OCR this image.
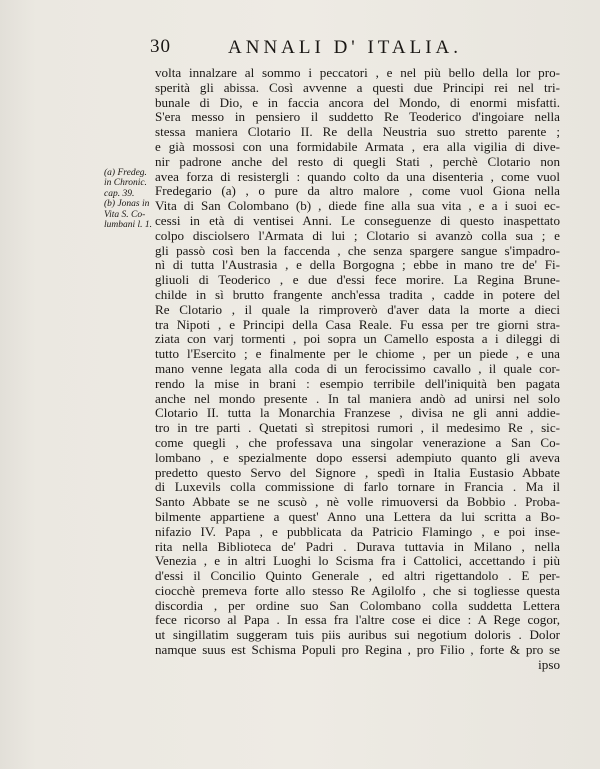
30	ANNALI D' ITALIA.
(a) Fredeg.
in Chronic.
cap. 39.
(b) Jonas in
Vita S. Co-
lumbani l. 1.
volta innalzare al sommo i peccatori , e nel più bello della lor pro-
sperità gli abissa. Così avvenne a questi due Principi rei nel tri-
bunale di Dio, e in faccia ancora del Mondo, di enormi misfatti.
S'era messo in pensiero il suddetto Re Teoderico d'ingoiare nella
stessa maniera Clotario II. Re della Neustria suo stretto parente ;
e già mossosi con una formidabile Armata , era alla vigilia di dive-
nir padrone anche del resto di quegli Stati , perchè Clotario non
avea forza di resistergli : quando colto da una disenteria , come vuol
Fredegario (a) , o pure da altro malore , come vuol Giona nella
Vita di San Colombano (b) , diede fine alla sua vita , e a i suoi ec-
cessi in età di ventisei Anni. Le conseguenze di questo inaspettato
colpo disciolsero l'Armata di lui ; Clotario si avanzò colla sua ; e
gli passò così ben la faccenda , che senza spargere sangue s'impadro-
nì di tutta l'Austrasia , e della Borgogna ; ebbe in mano tre de' Fi-
gliuoli di Teoderico , e due d'essi fece morire. La Regina Brune-
childe in sì brutto frangente anch'essa tradita , cadde in potere del
Re Clotario , il quale la rimproverò d'aver data la morte a dieci
tra Nipoti , e Principi della Casa Reale. Fu essa per tre giorni stra-
ziata con varj tormenti , poi sopra un Camello esposta a i dileggi di
tutto l'Esercito ; e finalmente per le chiome , per un piede , e una
mano venne legata alla coda di un ferocissimo cavallo , il quale cor-
rendo la mise in brani : esempio terribile dell'iniquità ben pagata
anche nel mondo presente . In tal maniera andò ad unirsi nel solo
Clotario II. tutta la Monarchia Franzese , divisa ne gli anni addie-
tro in tre parti . Quetati sì strepitosi rumori , il medesimo Re , sic-
come quegli , che professava una singolar venerazione a San Co-
lombano , e spezialmente dopo essersi adempiuto quanto gli aveva
predetto questo Servo del Signore , spedì in Italia Eustasio Abbate
di Luxevils colla commissione di farlo tornare in Francia . Ma il
Santo Abbate se ne scusò , nè volle rimuoversi da Bobbio . Proba-
bilmente appartiene a quest' Anno una Lettera da lui scritta a Bo-
nifazio IV. Papa , e pubblicata da Patricio Flamingo , e poi inse-
rita nella Biblioteca de' Padri . Durava tuttavia in Milano , nella
Venezia , e in altri Luoghi lo Scisma fra i Cattolici, accettando i più
d'essi il Concilio Quinto Generale , ed altri rigettandolo . E per-
ciocchè premeva forte allo stesso Re Agilolfo , che si togliesse questa
discordia , per ordine suo San Colombano colla suddetta Lettera
fece ricorso al Papa . In essa fra l'altre cose ei dice : A Rege cogor,
ut singillatim suggeram tuis piis auribus sui negotium doloris . Dolor
namque suus est Schisma Populi pro Regina , pro Filio , forte & pro se
ipso
